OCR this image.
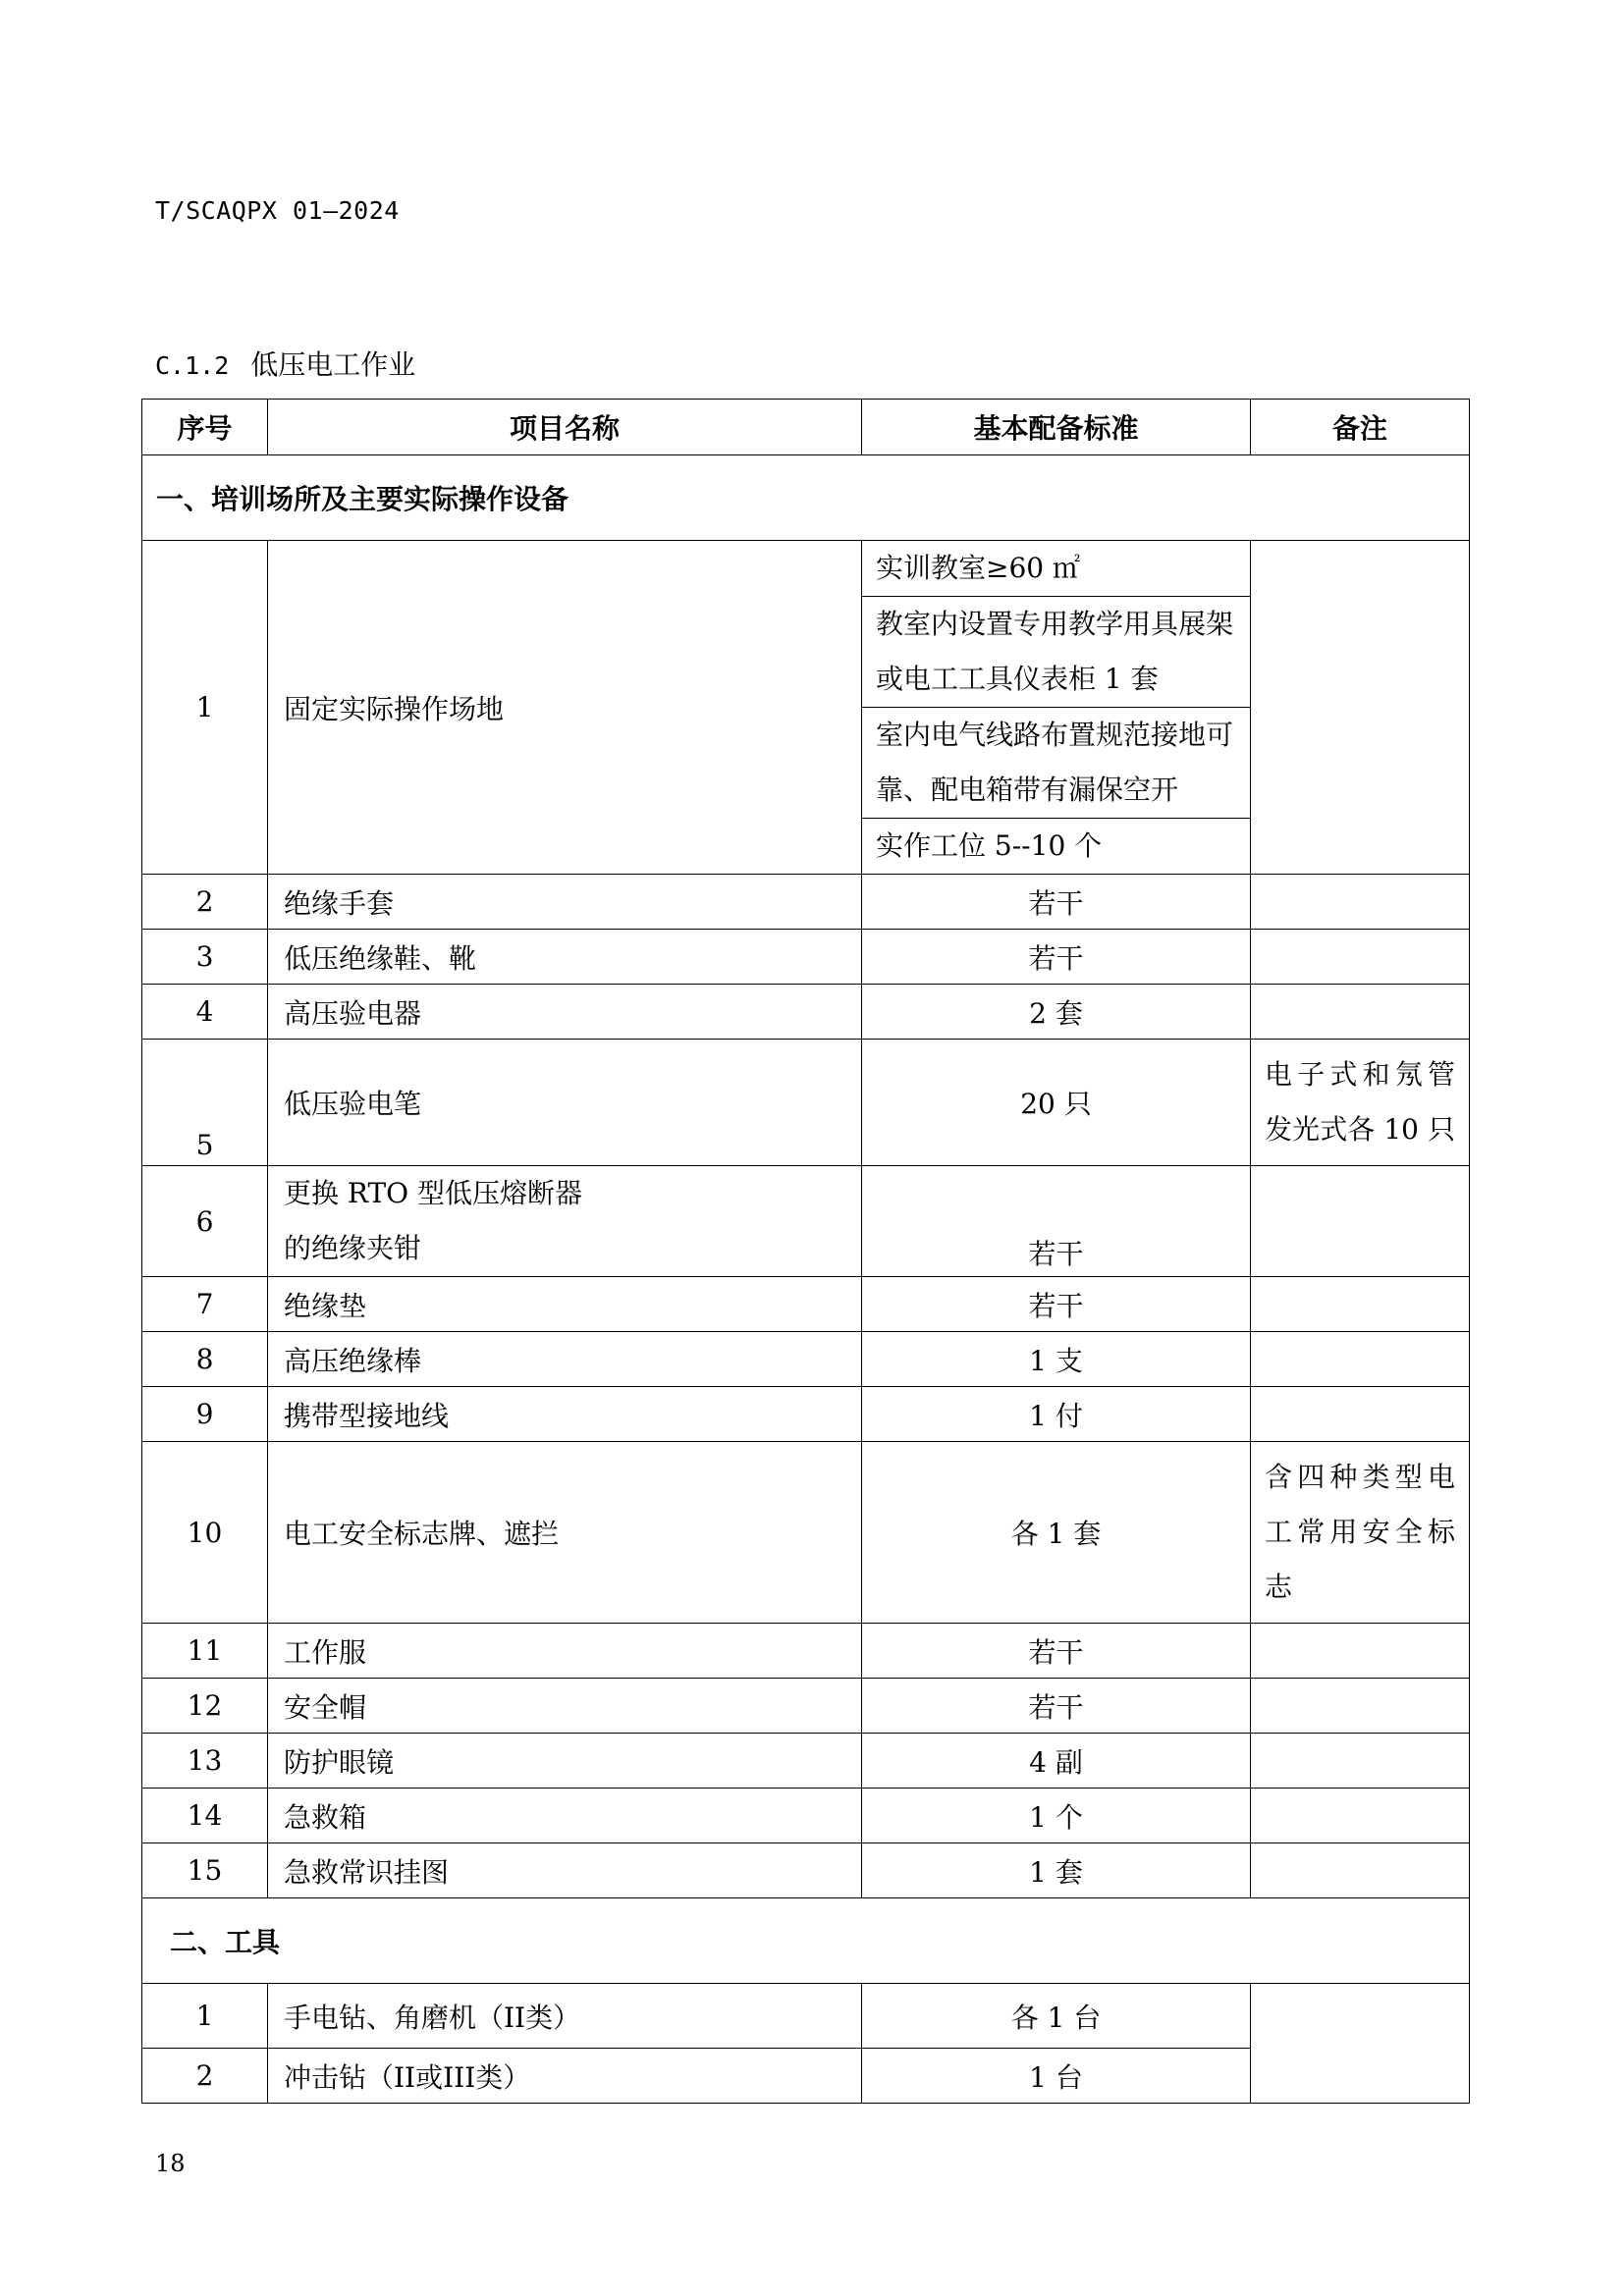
T/SCAQPX 01—2024
C.1.2 低压电工作业
序号	项目名称	基本配备标准	备注
一、培训场所及主要实际操作设备			
1	固定实际操作场地	实训教室≥60 ㎡
教室内设置专用教学用具展架或电工工具仪表柜 1 套
室内电气线路布置规范接地可靠、配电箱带有漏保空开
实作工位 5--10 个	

2	绝缘手套	若干	
3	低压绝缘鞋、靴	若干	
4	高压验电器	2 套	
5	低压验电笔	20 只	电子式和氖管
发光式各 10 只

6	更换 RTO 型低压熔断器
的绝缘夹钳	若干	
7	绝缘垫	若干	
8	高压绝缘棒	1 支	
9	携带型接地线	1 付	
10	电工安全标志牌、遮拦	各 1 套	含四种类型电
工常用安全标
志

11	工作服	若干	
12	安全帽	若干	
13	防护眼镜	4 副	
14	急救箱	1 个	
15	急救常识挂图	1 套	
二、工具			
1	手电钻、角磨机（II类）	各 1 台	
2	冲击钻（II或III类）	1 台	
18
